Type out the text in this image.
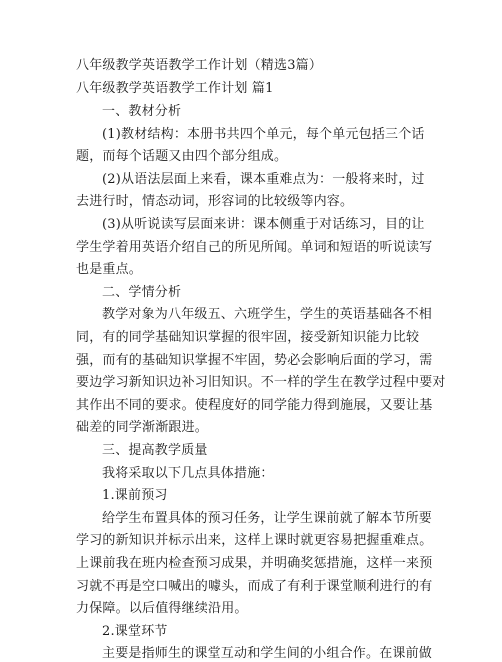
八年级教学英语教学工作计划（精选3篇）
八年级教学英语教学工作计划 篇1
一、教材分析
(1)教材结构：本册书共四个单元，每个单元包括三个话
题，而每个话题又由四个部分组成。
(2)从语法层面上来看，课本重难点为：一般将来时，过
去进行时，情态动词，形容词的比较级等内容。
(3)从听说读写层面来讲：课本侧重于对话练习，目的让
学生学着用英语介绍自己的所见所闻。单词和短语的听说读写
也是重点。
二、学情分析
教学对象为八年级五、六班学生，学生的英语基础各不相
同，有的同学基础知识掌握的很牢固，接受新知识能力比较
强，而有的基础知识掌握不牢固，势必会影响后面的学习，需
要边学习新知识边补习旧知识。不一样的学生在教学过程中要对
其作出不同的要求。使程度好的同学能力得到施展，又要让基
础差的同学渐渐跟进。
三、提高教学质量
我将采取以下几点具体措施：
1.课前预习
给学生布置具体的预习任务，让学生课前就了解本节所要
学习的新知识并标示出来，这样上课时就更容易把握重难点。
上课前我在班内检查预习成果，并明确奖惩措施，这样一来预
习就不再是空口喊出的噱头，而成了有利于课堂顺利进行的有
力保障。以后值得继续沿用。
2.课堂环节
主要是指师生的课堂互动和学生间的小组合作。在课前做
